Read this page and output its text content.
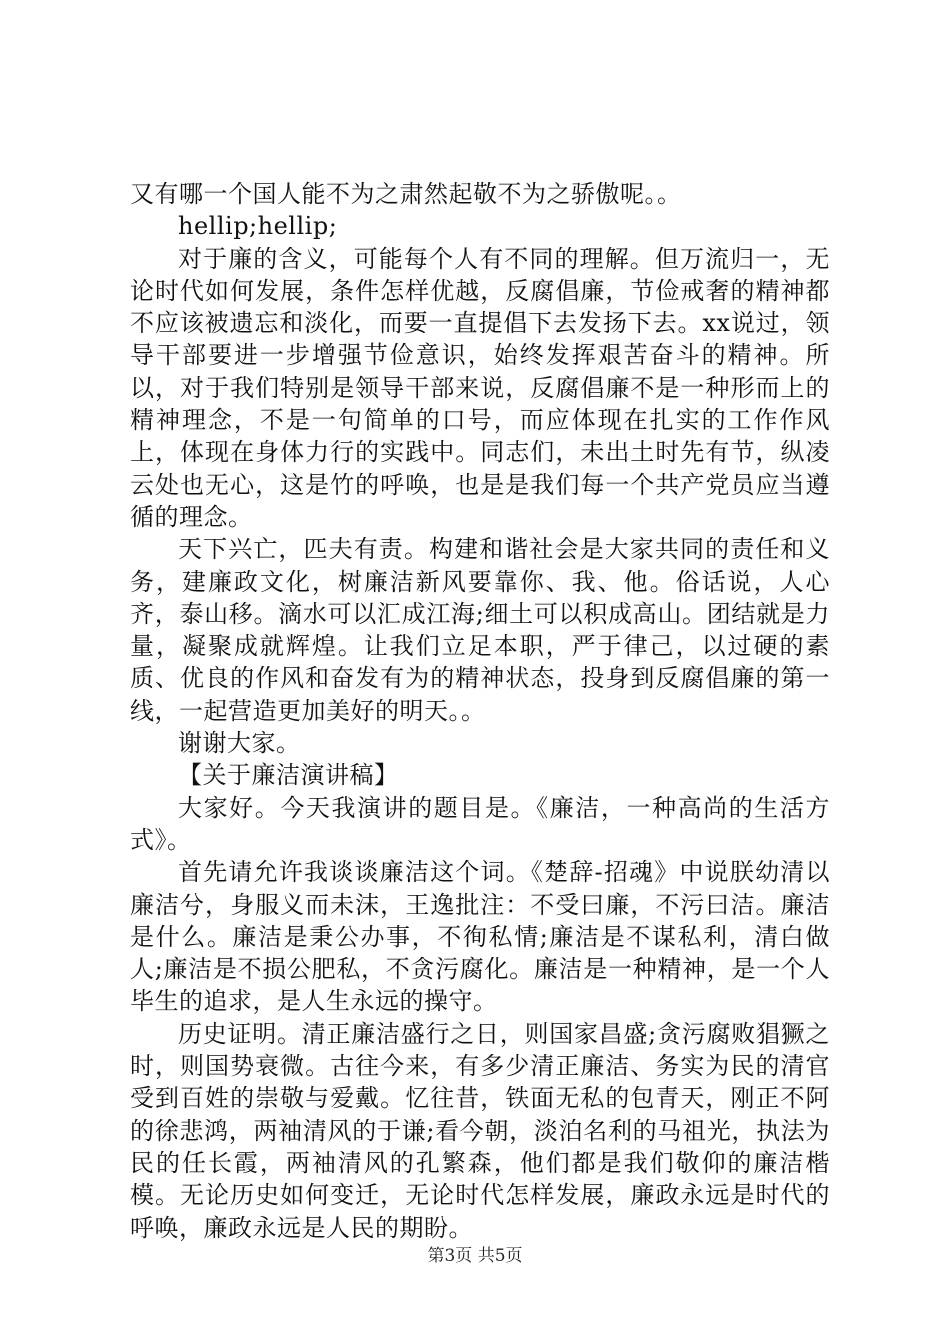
又有哪一个国人能不为之肃然起敬不为之骄傲呢。。

hellip;hellip;

对于廉的含义，可能每个人有不同的理解。但万流归一，无论时代如何发展，条件怎样优越，反腐倡廉，节俭戒奢的精神都不应该被遗忘和淡化，而要一直提倡下去发扬下去。xx说过，领导干部要进一步增强节俭意识，始终发挥艰苦奋斗的精神。所以，对于我们特别是领导干部来说，反腐倡廉不是一种形而上的精神理念，不是一句简单的口号，而应体现在扎实的工作作风上，体现在身体力行的实践中。同志们，未出土时先有节，纵凌云处也无心，这是竹的呼唤，也是是我们每一个共产党员应当遵循的理念。

天下兴亡，匹夫有责。构建和谐社会是大家共同的责任和义务，建廉政文化，树廉洁新风要靠你、我、他。俗话说，人心齐，泰山移。滴水可以汇成江海;细土可以积成高山。团结就是力量，凝聚成就辉煌。让我们立足本职，严于律己，以过硬的素质、优良的作风和奋发有为的精神状态，投身到反腐倡廉的第一线，一起营造更加美好的明天。。

谢谢大家。

【关于廉洁演讲稿】

大家好。今天我演讲的题目是。《廉洁，一种高尚的生活方式》。

首先请允许我谈谈廉洁这个词。《楚辞-招魂》中说朕幼清以廉洁兮，身服义而未沫，王逸批注：不受曰廉，不污曰洁。廉洁是什么。廉洁是秉公办事，不徇私情;廉洁是不谋私利，清白做人;廉洁是不损公肥私，不贪污腐化。廉洁是一种精神，是一个人毕生的追求，是人生永远的操守。

历史证明。清正廉洁盛行之日，则国家昌盛;贪污腐败猖獗之时，则国势衰微。古往今来，有多少清正廉洁、务实为民的清官受到百姓的崇敬与爱戴。忆往昔，铁面无私的包青天，刚正不阿的徐悲鸿，两袖清风的于谦;看今朝，淡泊名利的马祖光，执法为民的任长霞，两袖清风的孔繁森，他们都是我们敬仰的廉洁楷模。无论历史如何变迁，无论时代怎样发展，廉政永远是时代的呼唤，廉政永远是人民的期盼。

第3页 共5页
